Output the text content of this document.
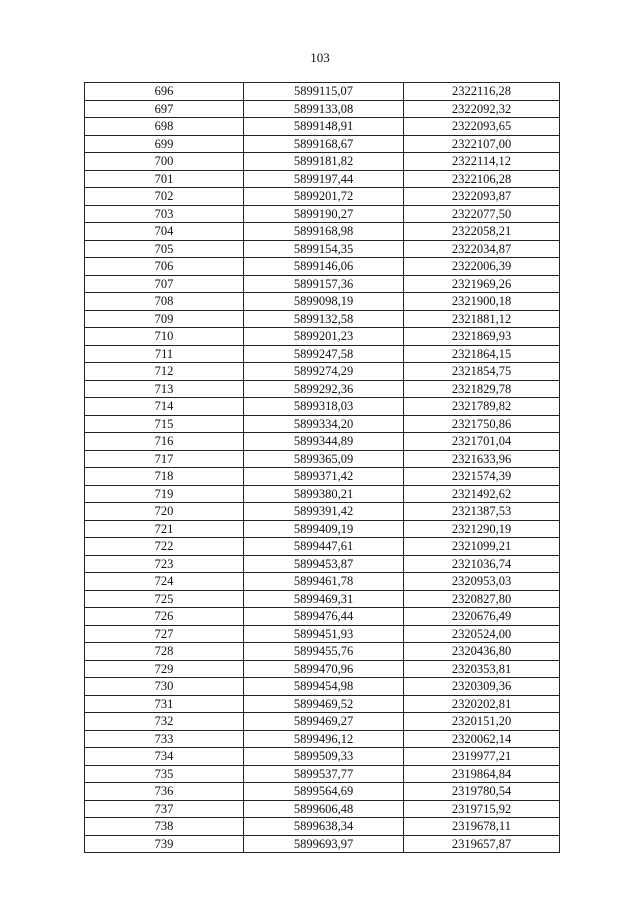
103
696	5899115,07	2322116,28
697	5899133,08	2322092,32
698	5899148,91	2322093,65
699	5899168,67	2322107,00
700	5899181,82	2322114,12
701	5899197,44	2322106,28
702	5899201,72	2322093,87
703	5899190,27	2322077,50
704	5899168,98	2322058,21
705	5899154,35	2322034,87
706	5899146,06	2322006,39
707	5899157,36	2321969,26
708	5899098,19	2321900,18
709	5899132,58	2321881,12
710	5899201,23	2321869,93
711	5899247,58	2321864,15
712	5899274,29	2321854,75
713	5899292,36	2321829,78
714	5899318,03	2321789,82
715	5899334,20	2321750,86
716	5899344,89	2321701,04
717	5899365,09	2321633,96
718	5899371,42	2321574,39
719	5899380,21	2321492,62
720	5899391,42	2321387,53
721	5899409,19	2321290,19
722	5899447,61	2321099,21
723	5899453,87	2321036,74
724	5899461,78	2320953,03
725	5899469,31	2320827,80
726	5899476,44	2320676,49
727	5899451,93	2320524,00
728	5899455,76	2320436,80
729	5899470,96	2320353,81
730	5899454,98	2320309,36
731	5899469,52	2320202,81
732	5899469,27	2320151,20
733	5899496,12	2320062,14
734	5899509,33	2319977,21
735	5899537,77	2319864,84
736	5899564,69	2319780,54
737	5899606,48	2319715,92
738	5899638,34	2319678,11
739	5899693,97	2319657,87
